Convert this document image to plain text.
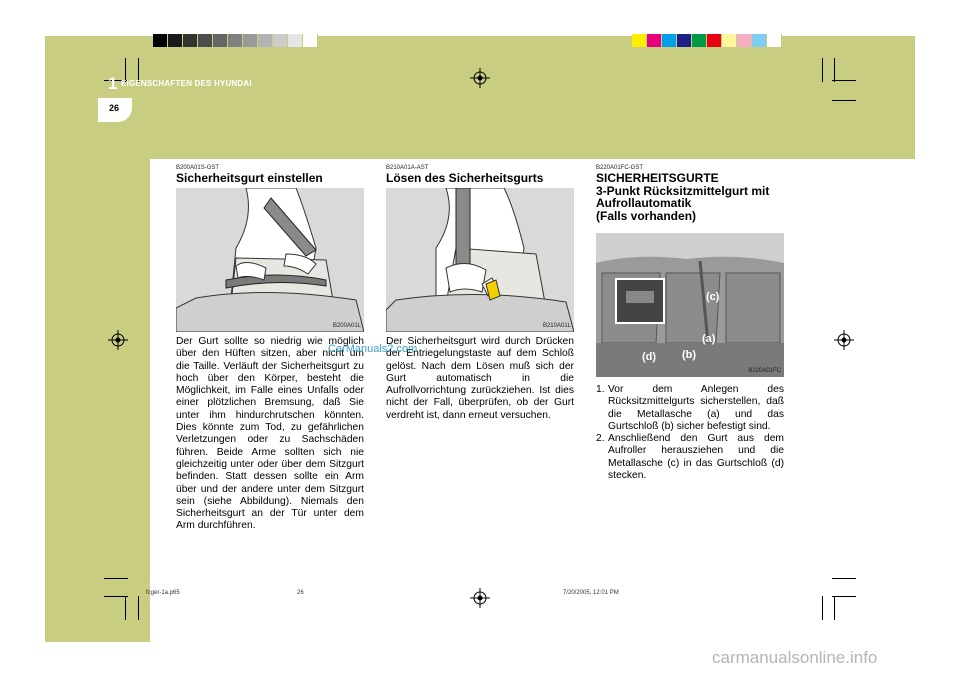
1 EIGENSCHAFTEN DES HYUNDAI
26
B200A01S-GST
Sicherheitsgurt einstellen
B200A01L
Der Gurt sollte so niedrig wie möglich über den Hüften sitzen, aber nicht um die Taille. Verläuft der Sicherheitsgurt zu hoch über den Körper, besteht die Möglichkeit, im Falle eines Unfalls oder einer plötzlichen Bremsung, daß Sie unter ihm hindurchrutschen könnten. Dies könnte zum Tod, zu gefährlichen Verletzungen oder zu Sachschäden führen. Beide Arme sollten sich nie gleichzeitig unter oder über dem Sitzgurt befinden. Statt dessen sollte ein Arm über und der andere unter dem Sitzgurt sein (siehe Abbildung). Niemals den Sicherheitsgurt an der Tür unter dem Arm durchführen.
B210A01A-AST
Lösen des Sicherheitsgurts
B210A01L
Der Sicherheitsgurt wird durch Drücken der Entriegelungstaste auf dem Schloß gelöst. Nach dem Lösen muß sich der Gurt automatisch in die Aufrollvorrichtung zurückziehen. Ist dies nicht der Fall, überprüfen, ob der Gurt verdreht ist, dann erneut versuchen.
B220A01FC-GST
SICHERHEITSGURTE
3-Punkt Rücksitzmittelgurt mit
Aufrollautomatik
(Falls vorhanden)
(c)
(a)
(b)
(d)
B220A01FC
1. Vor dem Anlegen des Rücksitzmittelgurts sicherstellen, daß die Metallasche (a) und das Gurtschloß (b) sicher befestigt sind.
2. Anschließend den Gurt aus dem Aufroller herausziehen und die Metallasche (c) in das Gurtschloß (d) stecken.
CarManuals2.com
fcger-1a.p65	26	7/20/2005, 12:01 PM
carmanualsonline.info
